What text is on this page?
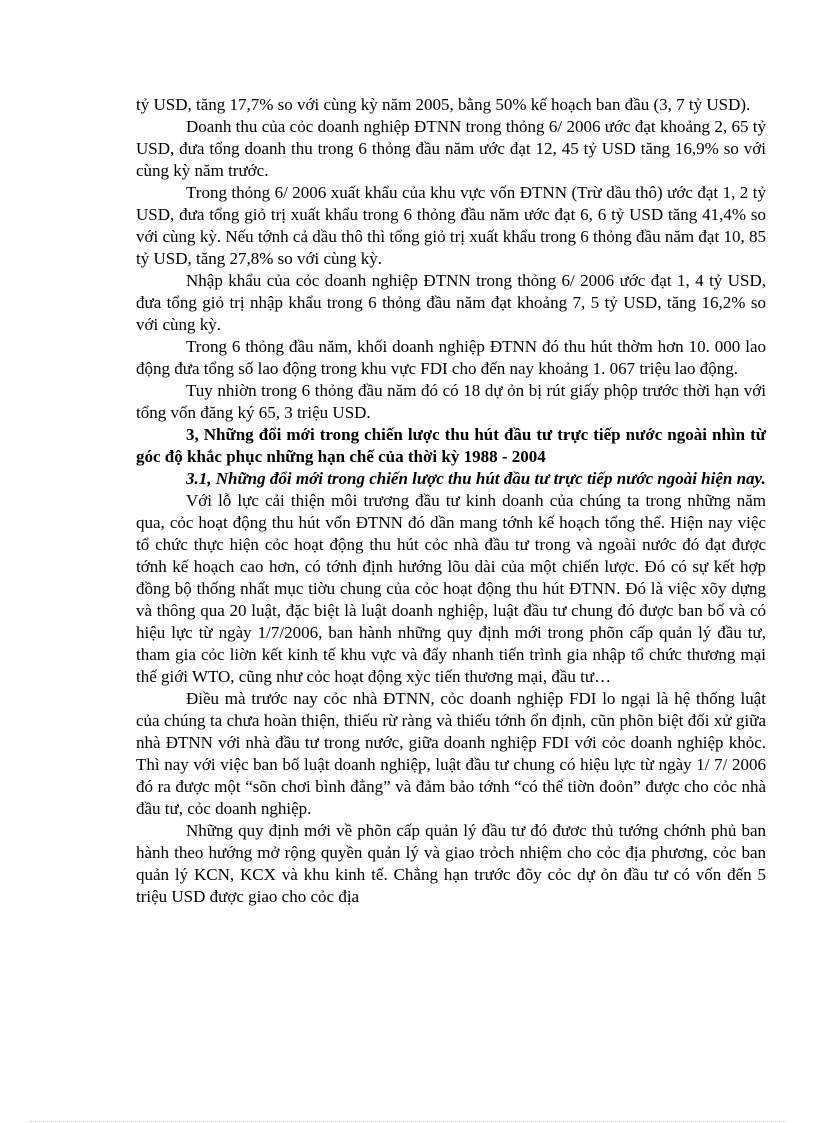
tỷ USD, tăng 17,7% so với cùng kỳ năm 2005, bằng 50% kế hoạch ban đầu (3, 7 tỷ USD).

Doanh thu của cỏc doanh nghiệp ĐTNN trong thỏng 6/ 2006 ước đạt khoảng 2, 65 tỷ USD, đưa tổng doanh thu trong 6 thỏng đầu năm ước đạt 12, 45 tỷ USD tăng 16,9% so với cùng kỳ năm trước.

Trong thỏng 6/ 2006 xuất khẩu của khu vực vốn ĐTNN (Trừ dầu thô) ước đạt 1, 2 tỷ USD, đưa tổng giỏ trị xuất khẩu trong 6 thỏng đầu năm ước đạt 6, 6 tỷ USD tăng 41,4% so với cùng kỳ. Nếu tớnh cả dầu thô thì tổng giỏ trị xuất khẩu trong 6 thỏng đầu năm đạt 10, 85 tỷ USD, tăng 27,8% so với cùng kỳ.

Nhập khẩu của cỏc doanh nghiệp ĐTNN trong thỏng 6/ 2006 ước đạt 1, 4 tỷ USD, đưa tổng giỏ trị nhập khẩu trong 6 thỏng đầu năm đạt khoảng 7, 5 tỷ USD, tăng 16,2% so với cùng kỳ.

Trong 6 thỏng đầu năm, khối doanh nghiệp ĐTNN đó thu hút thờm hơn 10. 000 lao động đưa tổng số lao động trong khu vực FDI cho đến nay khoảng 1. 067 triệu lao động.

Tuy nhiờn trong 6 thỏng đầu năm đó có 18 dự ỏn bị rút giấy phộp trước thời hạn với tổng vốn đăng ký 65, 3 triệu USD.

3, Những đổi mới trong chiến lược thu hút đầu tư trực tiếp nước ngoài nhìn từ góc độ khắc phục những hạn chế của thời kỳ 1988 - 2004

3.1, Những đổi mới trong chiến lược thu hút đầu tư trực tiếp nước ngoài hiện nay.

Với lỗ lực cải thiện môi trương đầu tư kinh doanh của chúng ta trong những năm qua, cỏc hoạt động thu hút vốn ĐTNN đó dần mang tớnh kế hoạch tổng thể. Hiện nay việc tổ chức thực hiện cỏc hoạt động thu hút cỏc nhà đầu tư trong và ngoài nước đó đạt được tớnh kế hoạch cao hơn, có tớnh định hướng lõu dài của một chiến lược. Đó có sự kết hợp đồng bộ thống nhất mục tiờu chung của cỏc hoạt động thu hút ĐTNN. Đó là việc xõy dựng và thông qua 20 luật, đặc biệt là luật doanh nghiệp, luật đầu tư chung đó được ban bố và có hiệu lực từ ngày 1/7/2006, ban hành những quy định mới trong phõn cấp quản lý đầu tư, tham gia cỏc liờn kết kinh tế khu vực và đẩy nhanh tiến trình gia nhập tổ chức thương mại thế giới WTO, cũng như cỏc hoạt động xỳc tiến thương mại, đầu tư…

Điều mà trước nay cỏc nhà ĐTNN, cỏc doanh nghiệp FDI lo ngại là hệ thống luật của chúng ta chưa hoàn thiện, thiếu rừ ràng và thiếu tớnh ổn định, cũn phõn biệt đối xử giữa nhà ĐTNN với nhà đầu tư trong nước, giữa doanh nghiệp FDI với cỏc doanh nghiệp khỏc. Thì nay với việc ban bố luật doanh nghiệp, luật đầu tư chung có hiệu lực từ ngày 1/ 7/ 2006 đó ra được một “sõn chơi bình đẳng” và đảm bảo tớnh “có thể tiờn đoỏn” được cho cỏc nhà đầu tư, cỏc doanh nghiệp.

Những quy định mới về phõn cấp quản lý đầu tư đó đươc thủ tướng chớnh phủ ban hành theo hướng mở rộng quyền quản lý và giao trỏch nhiệm cho cỏc địa phương, cỏc ban quản lý KCN, KCX và khu kinh tế. Chẳng hạn trước đõy cỏc dự ỏn đầu tư có vốn đến 5 triệu USD được giao cho cỏc địa
